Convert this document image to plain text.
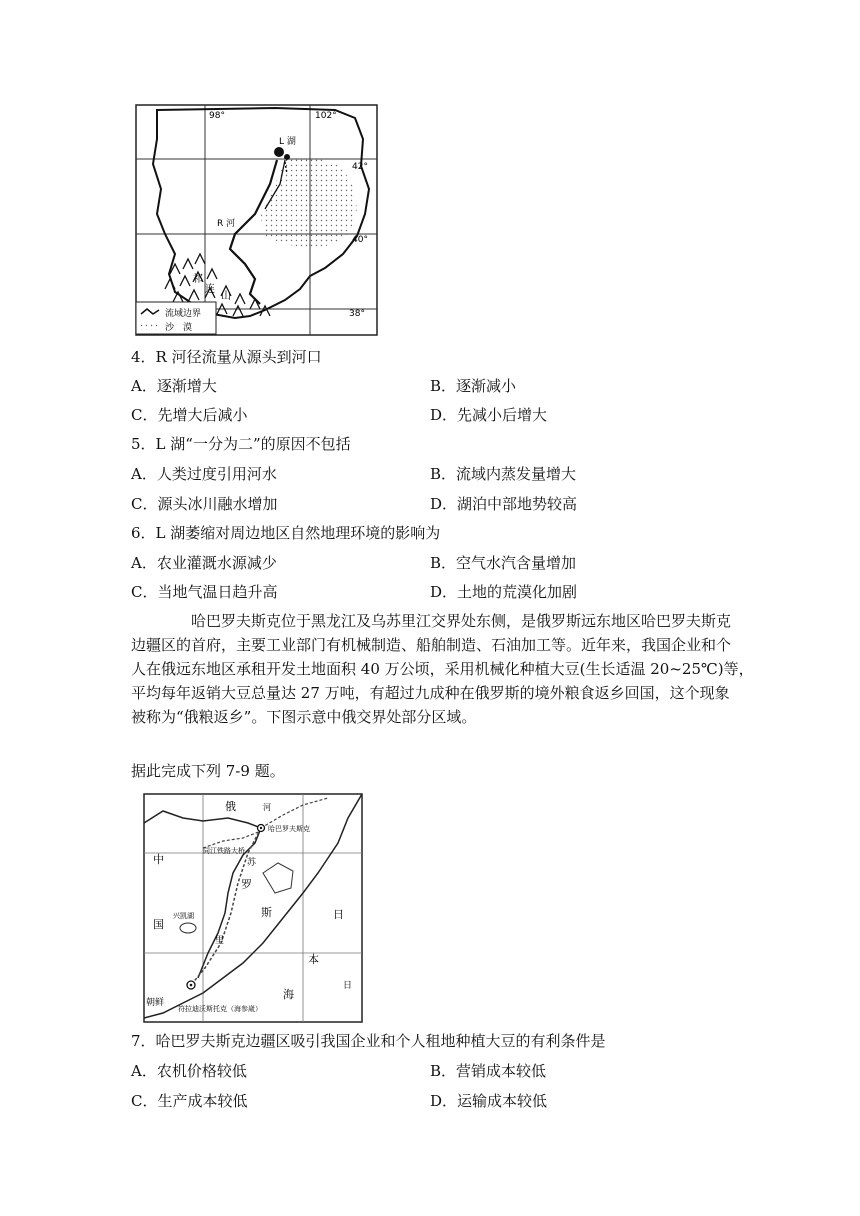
98°	102°
42°
40°
38°
L 湖
R 河
祁
连
山
流域边界
沙　漠
4．R 河径流量从源头到河口
A．逐渐增大	B．逐渐减小
C．先增大后减小	D．先减小后增大
5．L 湖“一分为二”的原因不包括
A．人类过度引用河水	B．流域内蒸发量增大
C．源头冰川融水增加	D．湖泊中部地势较高
6．L 湖萎缩对周边地区自然地理环境的影响为
A．农业灌溉水源减少	B．空气水汽含量增加
C．当地气温日趋升高	D．土地的荒漠化加剧
哈巴罗夫斯克位于黑龙江及乌苏里江交界处东侧，是俄罗斯远东地区哈巴罗夫斯克
边疆区的首府，主要工业部门有机械制造、船舶制造、石油加工等。近年来，我国企业和个
人在俄远东地区承租开发土地面积 40 万公顷，采用机械化种植大豆(生长适温 20~25℃)等，
平均每年返销大豆总量达 27 万吨，有超过九成种在俄罗斯的境外粮食返乡回国，这个现象
被称为“俄粮返乡”。下图示意中俄交界处部分区域。
据此完成下列 7-9 题。
俄	河
哈巴罗夫斯克
同江铁路大桥
中
国
苏
罗
斯	日
本
海
日
兴凯湖
里
符拉迪沃斯托克（海参崴）
朝鲜
7．哈巴罗夫斯克边疆区吸引我国企业和个人租地种植大豆的有利条件是
A．农机价格较低	B．营销成本较低
C．生产成本较低	D．运输成本较低
